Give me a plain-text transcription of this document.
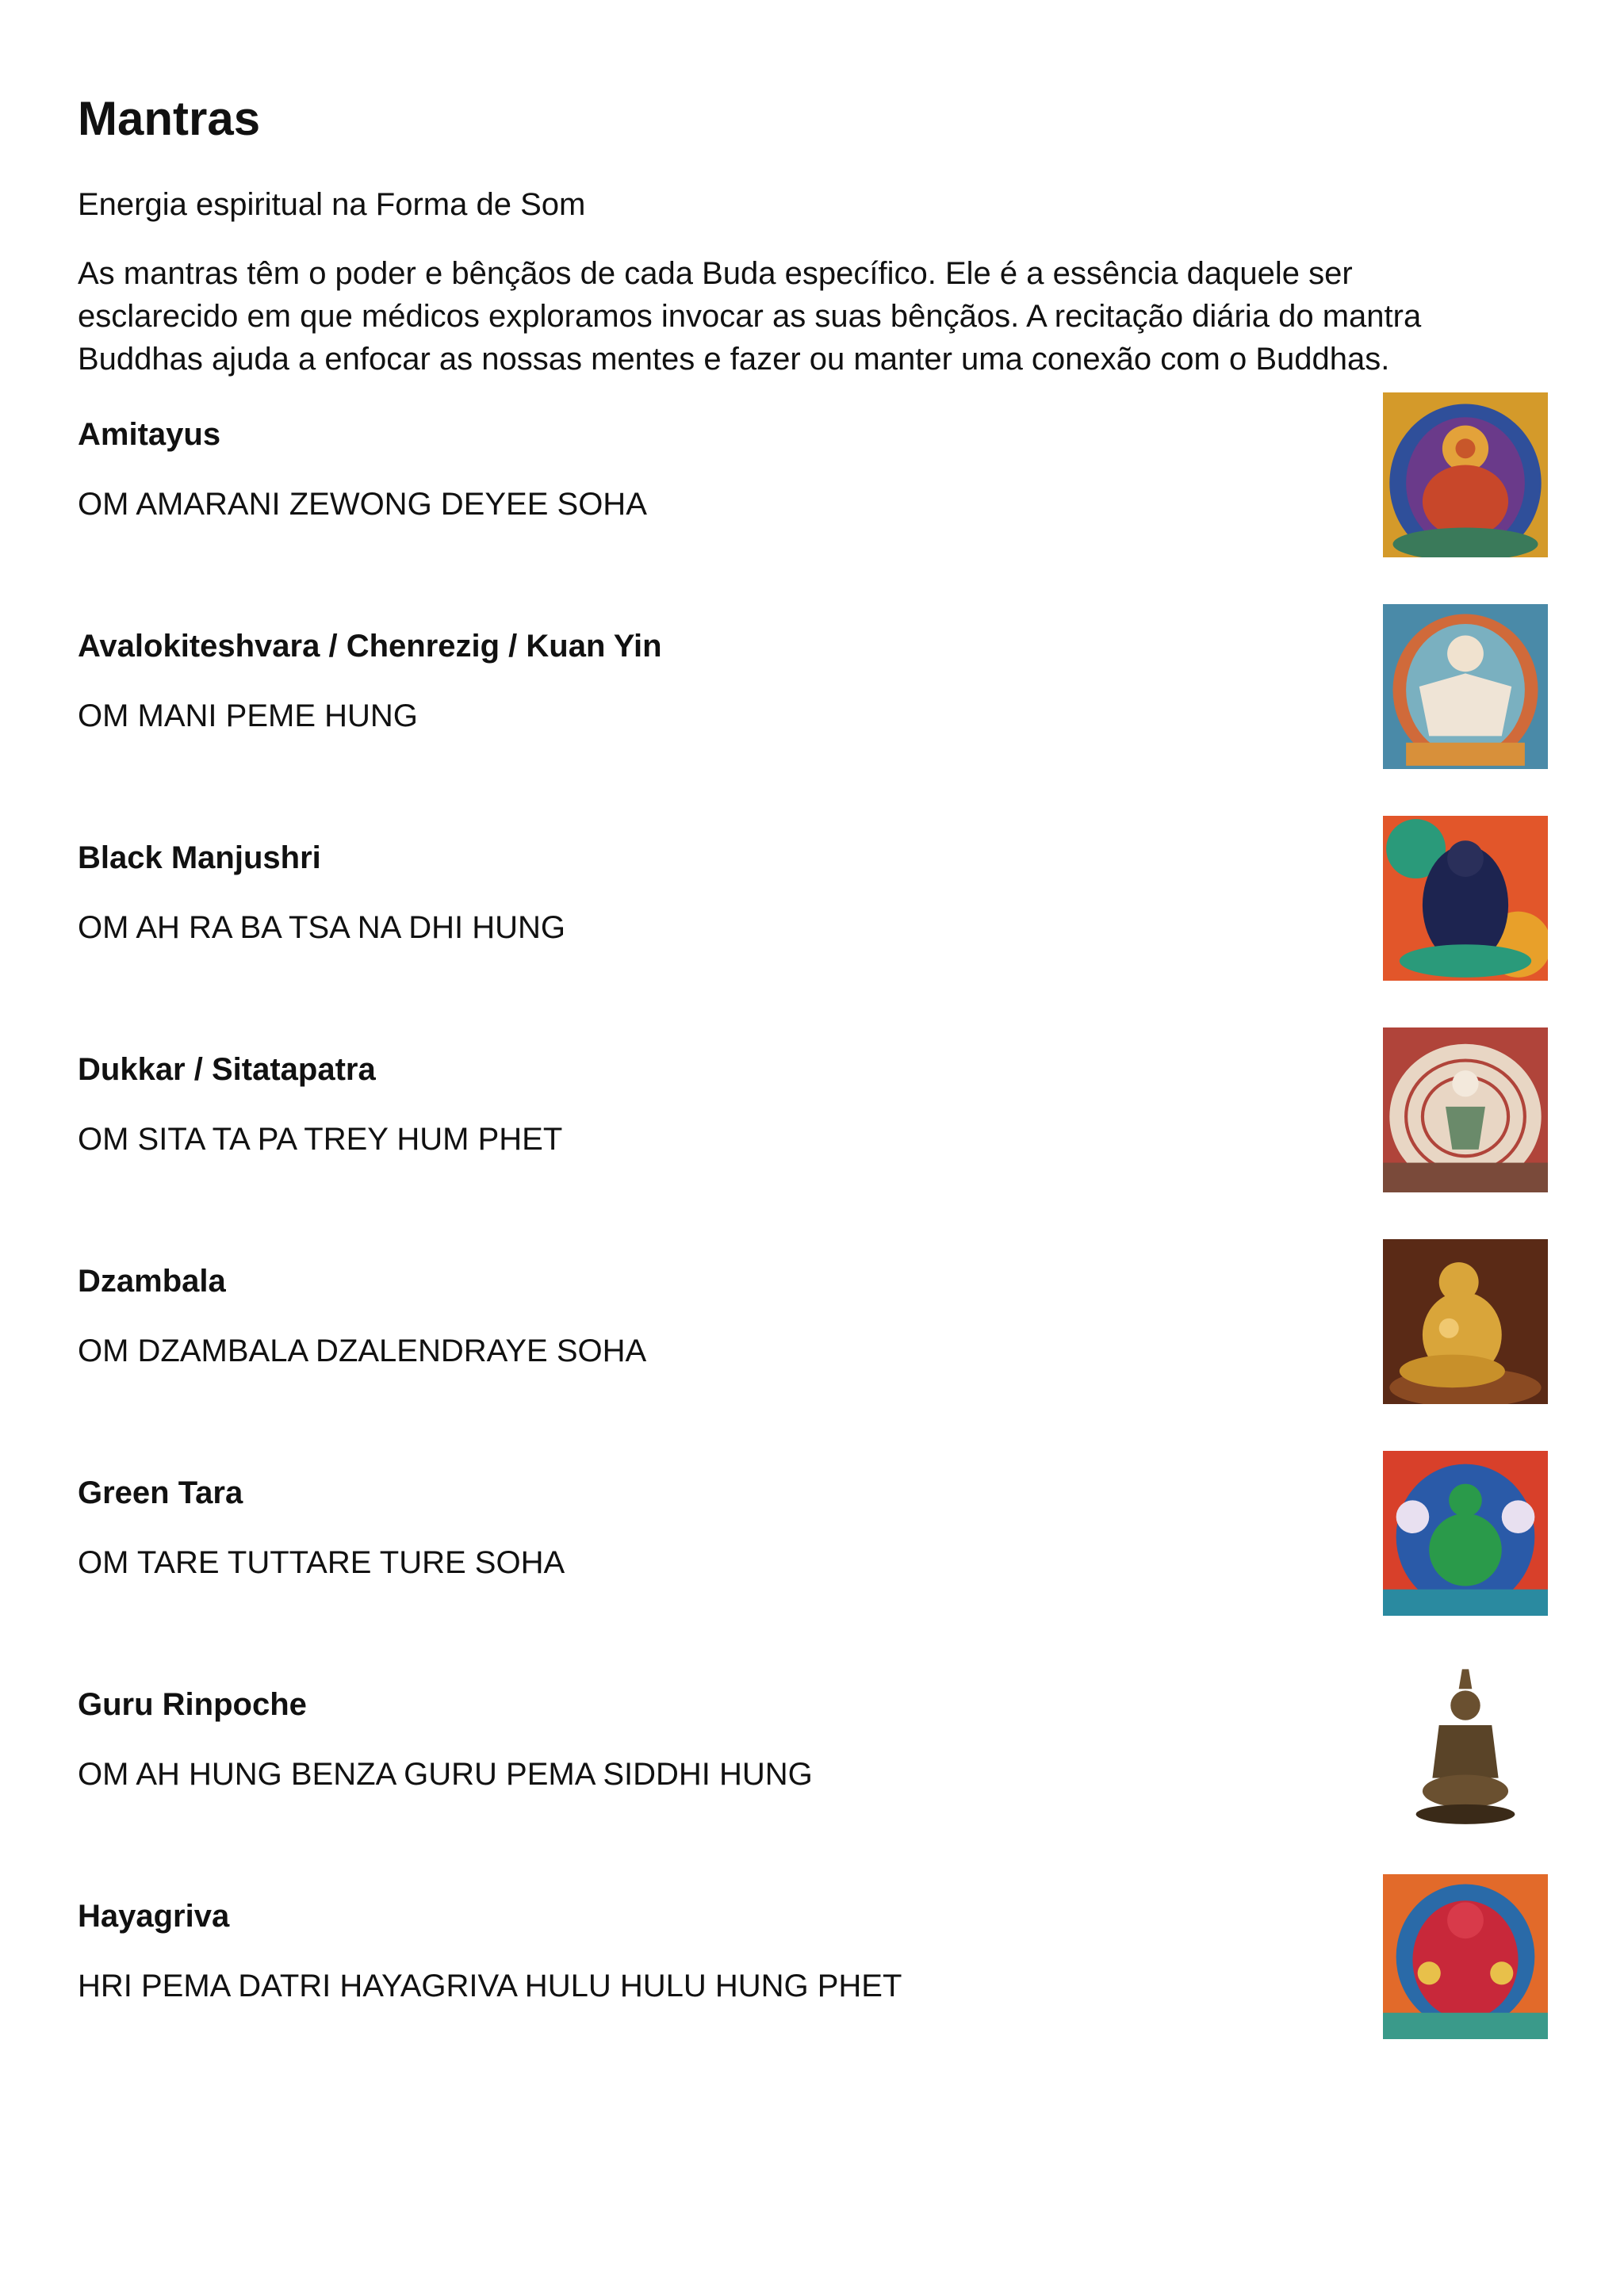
Mantras

Energia espiritual na Forma de Som

As mantras têm o poder e bênçãos de cada Buda específico. Ele é a essência daquele ser esclarecido em que médicos exploramos invocar as suas bênçãos. A recitação diária do mantra Buddhas ajuda a enfocar as nossas mentes e fazer ou manter uma conexão com o Buddhas.

Amitayus

OM AMARANI ZEWONG DEYEE SOHA

Avalokiteshvara / Chenrezig / Kuan Yin

OM MANI PEME HUNG

Black Manjushri

OM AH RA BA TSA NA DHI HUNG

Dukkar / Sitatapatra

OM SITA TA PA TREY HUM PHET

Dzambala

OM DZAMBALA DZALENDRAYE SOHA

Green Tara

OM TARE TUTTARE TURE SOHA

Guru Rinpoche

OM AH HUNG BENZA GURU PEMA SIDDHI HUNG

Hayagriva

HRI PEMA DATRI HAYAGRIVA HULU HULU HUNG PHET
